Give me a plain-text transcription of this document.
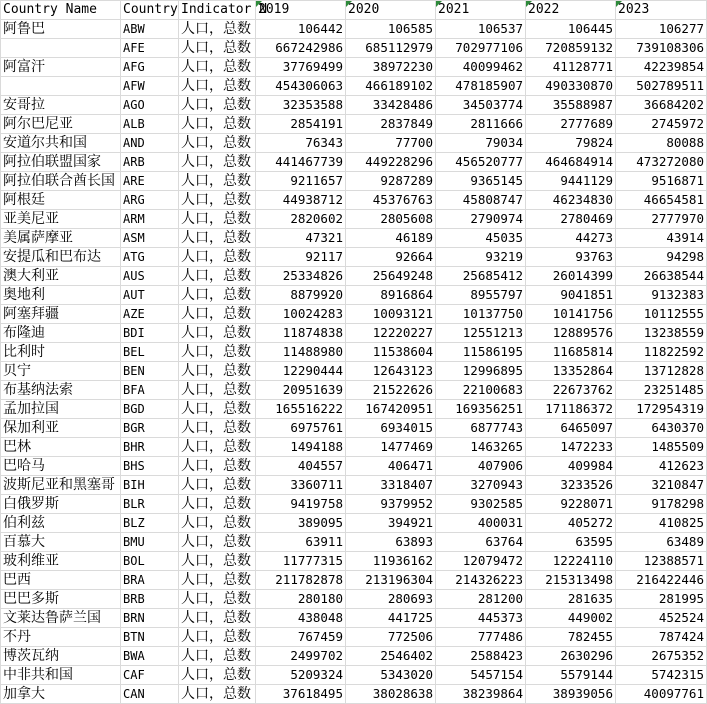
Country Name	Country	Indicator N	2019	2020	2021	2022	2023
阿鲁巴	ABW	人口，总数	106442	106585	106537	106445	106277
	AFE	人口，总数	667242986	685112979	702977106	720859132	739108306
阿富汗	AFG	人口，总数	37769499	38972230	40099462	41128771	42239854
	AFW	人口，总数	454306063	466189102	478185907	490330870	502789511
安哥拉	AGO	人口，总数	32353588	33428486	34503774	35588987	36684202
阿尔巴尼亚	ALB	人口，总数	2854191	2837849	2811666	2777689	2745972
安道尔共和国	AND	人口，总数	76343	77700	79034	79824	80088
阿拉伯联盟国家	ARB	人口，总数	441467739	449228296	456520777	464684914	473272080
阿拉伯联合酋长国	ARE	人口，总数	9211657	9287289	9365145	9441129	9516871
阿根廷	ARG	人口，总数	44938712	45376763	45808747	46234830	46654581
亚美尼亚	ARM	人口，总数	2820602	2805608	2790974	2780469	2777970
美属萨摩亚	ASM	人口，总数	47321	46189	45035	44273	43914
安提瓜和巴布达	ATG	人口，总数	92117	92664	93219	93763	94298
澳大利亚	AUS	人口，总数	25334826	25649248	25685412	26014399	26638544
奥地利	AUT	人口，总数	8879920	8916864	8955797	9041851	9132383
阿塞拜疆	AZE	人口，总数	10024283	10093121	10137750	10141756	10112555
布隆迪	BDI	人口，总数	11874838	12220227	12551213	12889576	13238559
比利时	BEL	人口，总数	11488980	11538604	11586195	11685814	11822592
贝宁	BEN	人口，总数	12290444	12643123	12996895	13352864	13712828
布基纳法索	BFA	人口，总数	20951639	21522626	22100683	22673762	23251485
孟加拉国	BGD	人口，总数	165516222	167420951	169356251	171186372	172954319
保加利亚	BGR	人口，总数	6975761	6934015	6877743	6465097	6430370
巴林	BHR	人口，总数	1494188	1477469	1463265	1472233	1485509
巴哈马	BHS	人口，总数	404557	406471	407906	409984	412623
波斯尼亚和黑塞哥	BIH	人口，总数	3360711	3318407	3270943	3233526	3210847
白俄罗斯	BLR	人口，总数	9419758	9379952	9302585	9228071	9178298
伯利兹	BLZ	人口，总数	389095	394921	400031	405272	410825
百慕大	BMU	人口，总数	63911	63893	63764	63595	63489
玻利维亚	BOL	人口，总数	11777315	11936162	12079472	12224110	12388571
巴西	BRA	人口，总数	211782878	213196304	214326223	215313498	216422446
巴巴多斯	BRB	人口，总数	280180	280693	281200	281635	281995
文莱达鲁萨兰国	BRN	人口，总数	438048	441725	445373	449002	452524
不丹	BTN	人口，总数	767459	772506	777486	782455	787424
博茨瓦纳	BWA	人口，总数	2499702	2546402	2588423	2630296	2675352
中非共和国	CAF	人口，总数	5209324	5343020	5457154	5579144	5742315
加拿大	CAN	人口，总数	37618495	38028638	38239864	38939056	40097761
